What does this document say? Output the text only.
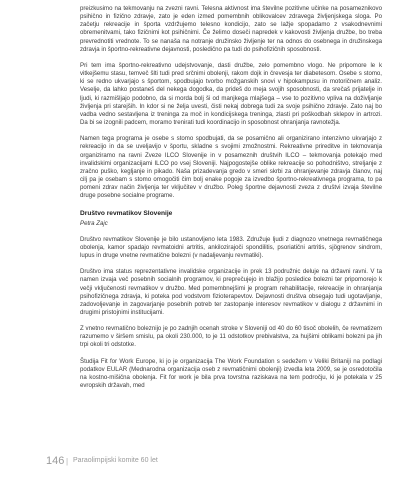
preizkusimo na tekmovanju na zvezni ravni. Telesna aktivnost ima številne pozitivne učinke na posameznikovo psihično in fizično zdravje, zato je eden izmed pomembnih oblikovalcev zdravega življenjskega sloga. Po začetju rekreacije in športa vzdržujemo telesno kondicijo, zato se lažje spopadamo z vsakodnevnimi obremenitvami, tako fizičnimi kot psihičnimi. Če želimo doseči napredek v kakovosti življenja družbe, bo treba prevrednotiti vrednote. To se nanaša na notranje družinsko življenje ter na odnos do osebnega in družinskega zdravja in športno-rekreativne dejavnosti, posledično pa tudi do psihofizičnih sposobnosti.

Pri tem ima športno-rekreativno udejstvovanje, dasti družbe, zelo pomembno vlogo. Ne pripomore le k vitkejšemu stasu, temveč šlti tudi pred srčnimi obolenji, rakom dojk in črevesja ter diabetesom. Osebe s stomo, ki se redno ukvarjajo s športom, spodbujajo tvorbo možganskih snovi v hipokampusu in motoričnem analiz. Veselje, da lahko postaneš del nekega dogodka, da prideš do meja svojih sposobnosti, da srečaš prijatelje in ljudi, ki razmišljajo podobno, da si morda bolj ši od manjkega mlajšega – vse to pozitivno vpliva na doživljanje življenja pri starejših. In kdor si ne želja uvesti, čisti nekaj dobrega tudi za svoje psihično zdravje. Zato naj bo vadba vedno sestavljena iz treninga za moč in kondicijskega treninga, zlasti pri poškodbah sklepov in artrozi. Da bi se izognili padcem, moramo trenirati tudi koordinacijo in sposobnost ohranjanja ravnotežja.

Namen tega programa je osebe s stomo spodbujati, da se posamično ali organizirano intenzivno ukvarjajo z rekreacijo in da se uveljavijo v športu, skladne s svojimi zmožnostmi. Rekreativne prireditve in tekmovanja organiziramo na ravni Zveze ILCO Slovenije in v posameznih društvih ILCO – tekmovanja potekajo med invalidskimi organizacijami ILCO po vsej Sloveniji. Najpogostejše oblike rekreacije so pohodništvo, streljanje z zračno puško, kegljanje in pikado. Naša prizadevanja gredo v smeri skrbi za ohranjevanje zdravja članov, naj cilj pa je osebam s stomo omogočiti čim bolj enake pogoje za izvedbo športno-rekreativnega programa, to pa pomeni zdrav način življenja ter vključitev v družbo. Poleg športne dejavnosti zveza z društvi izvaja številne druge posebne socialne programe.

Društvo revmatikov Slovenije
Petra Zajc

Društvo revmatikov Slovenije je bilo ustanovljeno leta 1983. Združuje ljudi z diagnozo vnetnega revmatičnega obolenja, kamor spadajo revmatoidni artritis, ankilozirajoči spondilitis, psoriatični artritis, sjögrenov sindrom, lupus in druge vnetne revmatične bolezni (v nadaljevanju revmatiki).

Društvo ima status reprezentativne invalidske organizacije in prek 13 podružnic deluje na državni ravni. V ta namen izvaja več posebnih socialnih programov, ki preprečujejo in blažijo posledice bolezni ter pripomorejo k večji vključenosti revmatikov v družbo. Med pomembnejšimi je program rehabilitacije, rekreacije in ohranjanja psihofizičnega zdravja, ki poteka pod vodstvom fizioterapevtov. Dejavnosti društva obsegajo tudi ugotavljanje, zadovoljevanje in zagovarjanje posebnih potreb ter zastopanje interesov revmatikov v dialogu z državnimi in drugimi pristojnimi institucijami.

Z vnetno revmatično boleznijo je po zadnjih ocenah stroke v Sloveniji od 40 do 60 tisoč obolelih, če revmatizem razumemo v širšem smislu, pa okoli 230.000, to je 11 odstotkov prebivalstva, za hujšimi oblikami bolezni pa jih trpi okoli tri odstotke.

Študija Fit for Work Europe, ki jo je organizacija The Work Foundation s sedežem v Veliki Britaniji na podlagi podatkov EULAR (Mednarodna organizacija oseb z revmatičnimi obolenji) izvedla leta 2009, se je osredotočila na kostno-mišična obolenja. Fit for work je bila prva tovrstna raziskava na tem področju, ki je potekala v 25 evropskih državah, med

146 | Paraolimpijski komite 60 let
